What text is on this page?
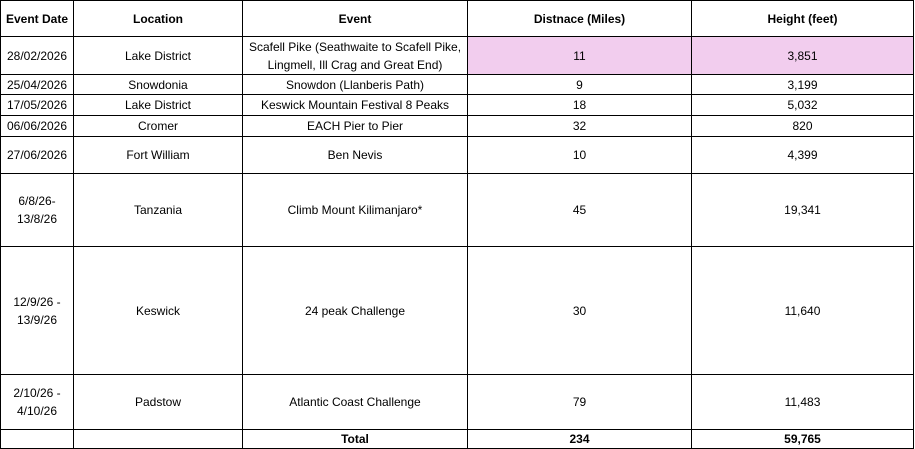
Event Date	Location	Event	Distnace (Miles)	Height (feet)
28/02/2026	Lake District	Scafell Pike (Seathwaite to Scafell Pike, Lingmell, Ill Crag and Great End)	11	3,851
25/04/2026	Snowdonia	Snowdon (Llanberis Path)	9	3,199
17/05/2026	Lake District	Keswick Mountain Festival 8 Peaks	18	5,032
06/06/2026	Cromer	EACH Pier to Pier	32	820
27/06/2026	Fort William	Ben Nevis	10	4,399
6/8/26-13/8/26	Tanzania	Climb Mount Kilimanjaro*	45	19,341
12/9/26 - 13/9/26	Keswick	24 peak Challenge	30	11,640
2/10/26 - 4/10/26	Padstow	Atlantic Coast Challenge	79	11,483
		Total	234	59,765
